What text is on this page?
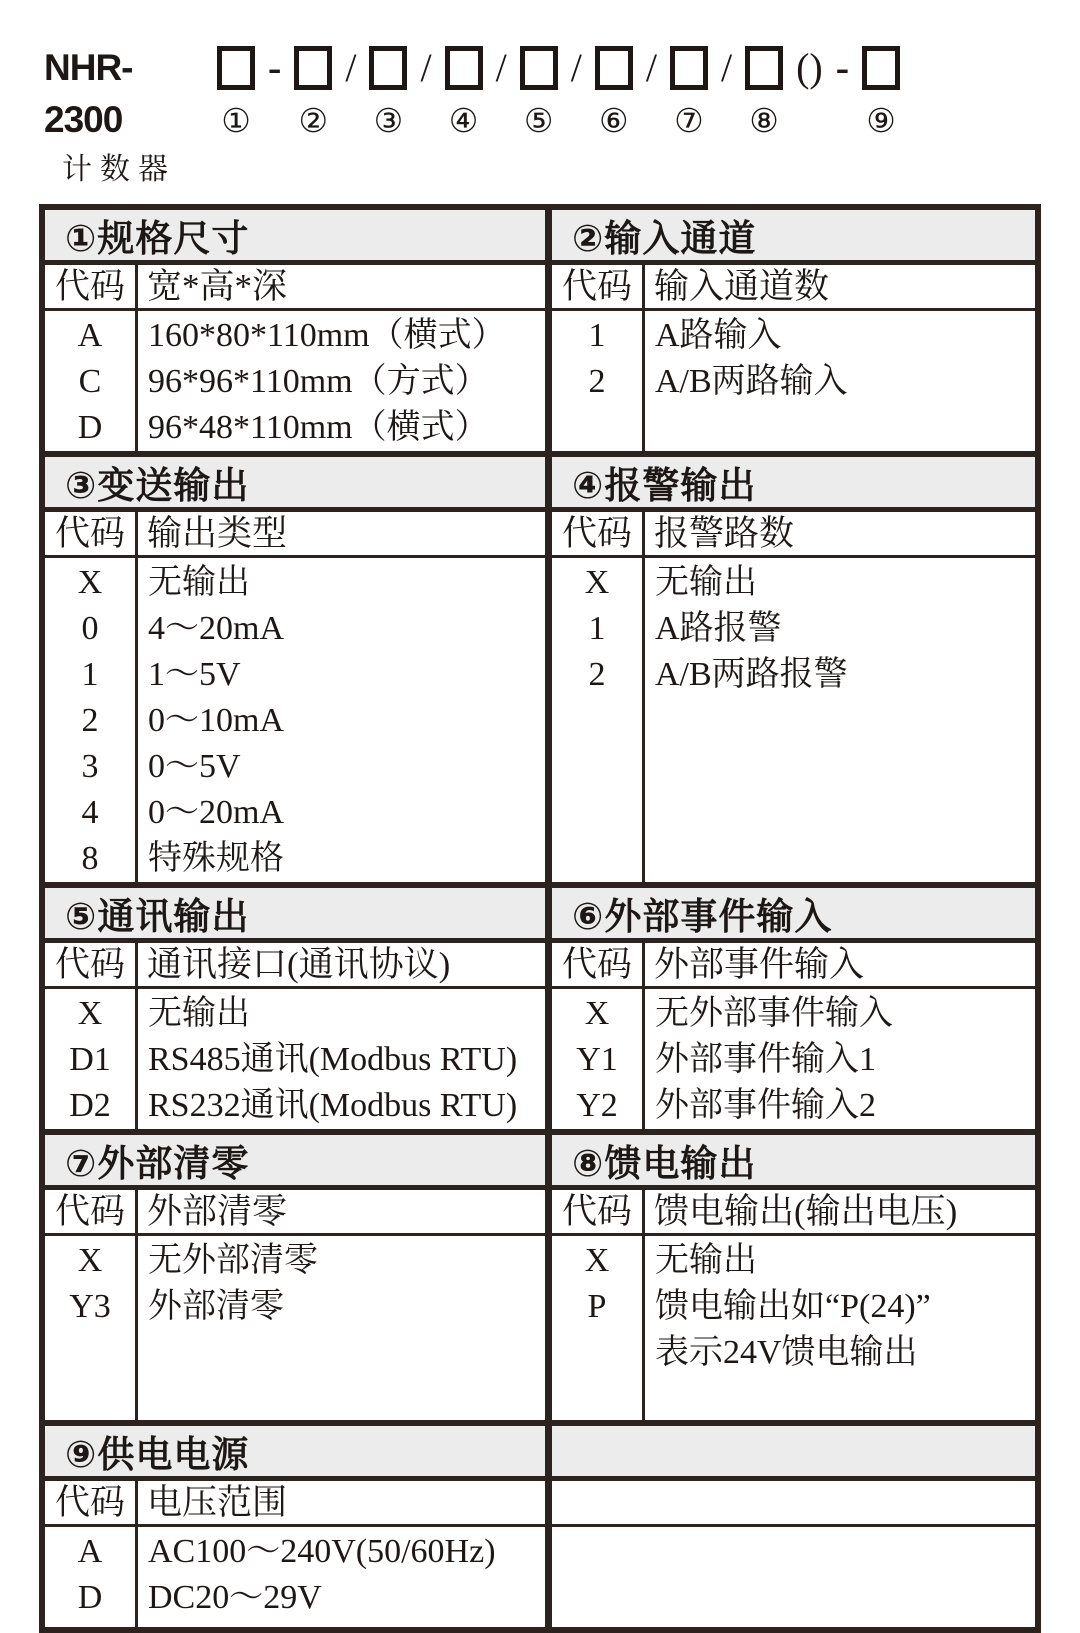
NHR-2300
计数器
①
-
②
/
③
/
④
/
⑤
/
⑥
/
⑦
/
⑧
() -
⑨
①规格尺寸
代码 宽*高*深
A
C
D
160*80*110mm（横式）
96*96*110mm（方式）
96*48*110mm（横式）
②输入通道
代码 输入通道数
1
2
A路输入
A/B两路输入
③变送输出
代码 输出类型
X
0
1
2
3
4
8
无输出
4～20mA
1～5V
0～10mA
0～5V
0～20mA
特殊规格
④报警输出
代码 报警路数
X
1
2
无输出
A路报警
A/B两路报警
⑤通讯输出
代码 通讯接口(通讯协议)
X
D1
D2
无输出
RS485通讯(Modbus RTU)
RS232通讯(Modbus RTU)
⑥外部事件输入
代码 外部事件输入
X
Y1
Y2
无外部事件输入
外部事件输入1
外部事件输入2
⑦外部清零
代码 外部清零
X
Y3
无外部清零
外部清零
⑧馈电输出
代码 馈电输出(输出电压)
X
P
无输出
馈电输出如“P(24)”
表示24V馈电输出
⑨供电电源
代码 电压范围
A
D
AC100～240V(50/60Hz)
DC20～29V
